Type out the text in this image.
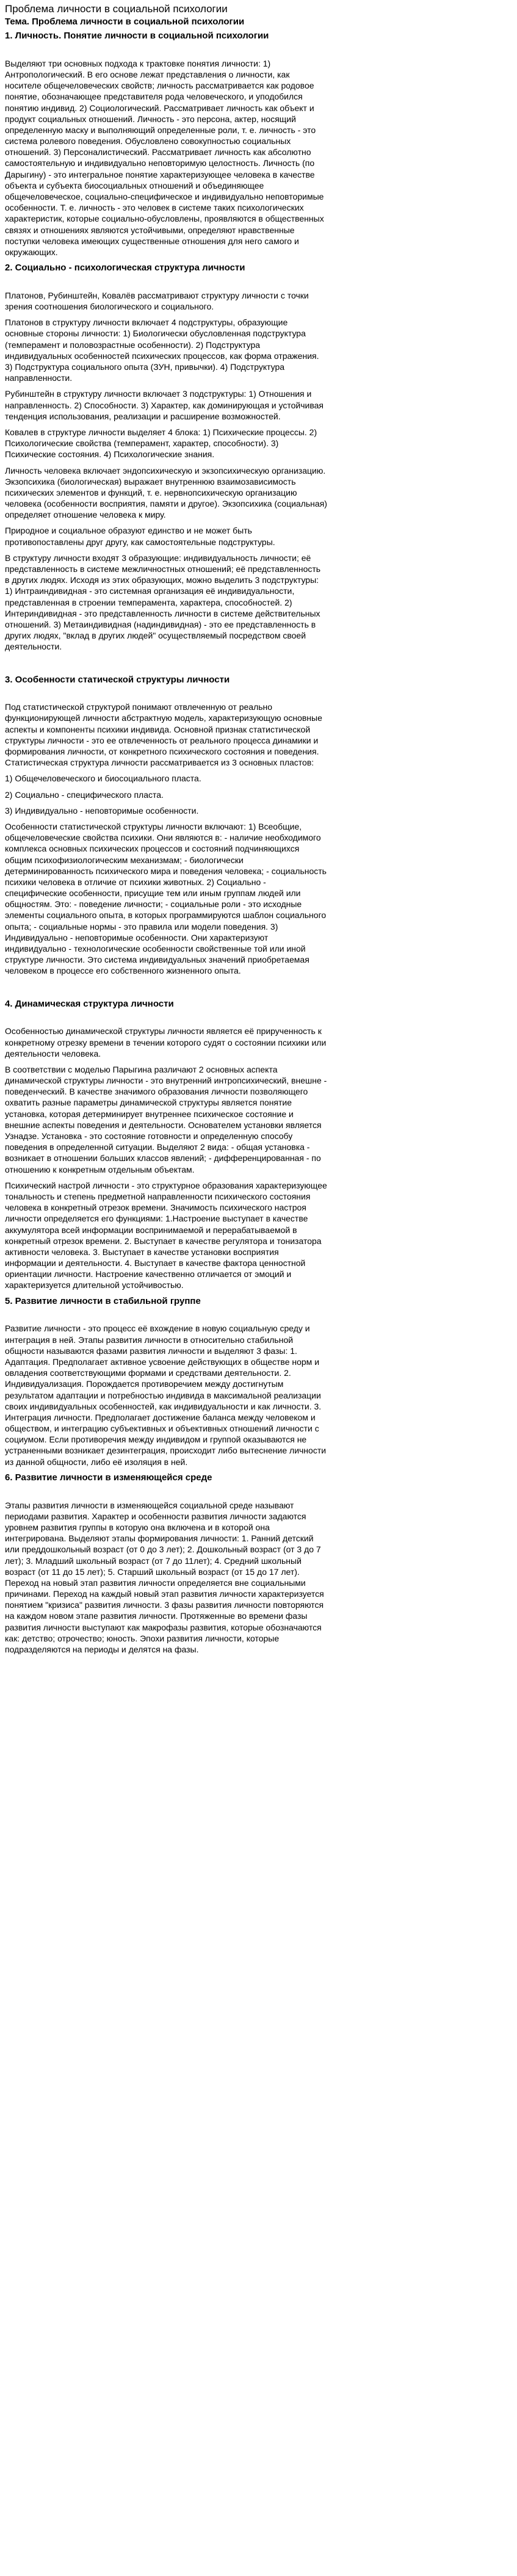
Проблема личности в социальной психологии
Тема. Проблема личности в социальной психологии
1. Личность. Понятие личности в социальной психологии

Выделяют три основных подхода к трактовке понятия личности: 1) Антропологический. В его основе лежат представления о личности, как носителе общечеловеческих свойств; личность рассматривается как родовое понятие, обозначающее представителя рода человеческого, и уподобился понятию индивид. 2) Социологический. Рассматривает личность как объект и продукт социальных отношений. Личность - это персона, актер, носящий определенную маску и выполняющий определенные роли, т. е. личность - это система ролевого поведения. Обусловлено совокупностью социальных отношений. 3) Персоналистический. Рассматривает личность как абсолютно самостоятельную и индивидуально неповторимую целостность. Личность (по Дарыгину) - это интегральное понятие характеризующее человека в качестве объекта и субъекта биосоциальных отношений и объединяющее общечеловеческое, социально-специфическое и индивидуально неповторимые особенности. Т. е. личность - это человек в системе таких психологических характеристик, которые социально-обусловлены, проявляются в общественных связях и отношениях являются устойчивыми, определяют нравственные поступки человека имеющих существенные отношения для него самого и окружающих.

2. Социально - психологическая структура личности

Платонов, Рубинштейн, Ковалёв рассматривают структуру личности с точки зрения соотношения биологического и социального.

Платонов в структуру личности включает 4 подструктуры, образующие основные стороны личности: 1) Биологически обусловленная подструктура (темперамент и половозрастные особенности). 2) Подструктура индивидуальных особенностей психических процессов, как форма отражения. 3) Подструктура социального опыта (ЗУН, привычки). 4) Подструктура направленности.

Рубинштейн в структуру личности включает 3 подструктуры: 1) Отношения и направленность. 2) Способности. 3) Характер, как доминирующая и устойчивая тенденция использования, реализации и расширение возможностей.

Ковалев в структуре личности выделяет 4 блока: 1) Психические процессы. 2) Психологические свойства (темперамент, характер, способности). 3) Психические состояния. 4) Психологические знания.

Личность человека включает эндопсихическую и экзопсихическую организацию. Экзопсихика (биологическая) выражает внутреннюю взаимозависимость психических элементов и функций, т. е. нервнопсихическую организацию человека (особенности восприятия, памяти и другое). Экзопсихика (социальная) определяет отношение человека к миру.

Природное и социальное образуют единство и не может быть противопоставлены друг другу, как самостоятельные подструктуры.

В структуру личности входят 3 образующие: индивидуальность личности; её представленность в системе межличностных отношений; её представленность в других людях. Исходя из этих образующих, можно выделить 3 подструктуры: 1) Интраиндивидная - это системная организация её индивидуальности, представленная в строении темперамента, характера, способностей. 2) Интериндивидная - это представленность личности в системе действительных отношений. 3) Метаиндивидная (надиндивидная) - это ее представленность в других людях, "вклад в других людей" осуществляемый посредством своей деятельности.

3. Особенности статической структуры личности

Под статистической структурой понимают отвлеченную от реально функционирующей личности абстрактную модель, характеризующую основные аспекты и компоненты психики индивида. Основной признак статистической структуры личности - это ее отвлеченность от реального процесса динамики и формирования личности, от конкретного психического состояния и поведения. Статистическая структура личности рассматривается из 3 основных пластов:

1) Общечеловеческого и биосоциального пласта.

2) Социально - специфического пласта.

3) Индивидуально - неповторимые особенности.

Особенности статистической структуры личности включают: 1) Всеобщие, общечеловеческие свойства психики. Они являются в: - наличие необходимого комплекса основных психических процессов и состояний подчиняющихся общим психофизиологическим механизмам; - биологически детерминированность психического мира и поведения человека; - социальность психики человека в отличие от психики животных. 2) Социально - специфические особенности, присущие тем или иным группам людей или общностям. Это: - поведение личности; - социальные роли - это исходные элементы социального опыта, в которых программируются шаблон социального опыта; - социальные нормы - это правила или модели поведения. 3) Индивидуально - неповторимые особенности. Они характеризуют индивидуально - технологические особенности свойственные той или иной структуре личности. Это система индивидуальных значений приобретаемая человеком в процессе его собственного жизненного опыта.

4. Динамическая структура личности

Особенностью динамической структуры личности является её прирученность к конкретному отрезку времени в течении которого судят о состоянии психики или деятельности человека.

В соответствии с моделью Парыгина различают 2 основных аспекта динамической структуры личности - это внутренний интропсихический, внешне - поведенческий. В качестве значимого образования личности позволяющего охватить разные параметры динамической структуры является понятие установка, которая детерминирует внутреннее психическое состояние и внешние аспекты поведения и деятельности. Основателем установки является Узнадзе. Установка - это состояние готовности и определенную способу поведения в определенной ситуации. Выделяют 2 вида: - общая установка - возникает в отношении больших классов явлений; - дифференцированная - по отношению к конкретным отдельным объектам.

Психический настрой личности - это структурное образования характеризующее тональность и степень предметной направленности психического состояния человека в конкретный отрезок времени. Значимость психического настроя личности определяется его функциями: 1.Настроение выступает в качестве аккумулятора всей информации воспринимаемой и перерабатываемой в конкретный отрезок времени. 2. Выступает в качестве регулятора и тонизатора активности человека. 3. Выступает в качестве установки восприятия информации и деятельности. 4. Выступает в качестве фактора ценностной ориентации личности. Настроение качественно отличается от эмоций и характеризуется длительной устойчивостью.

5. Развитие личности в стабильной группе

Развитие личности - это процесс её вхождение в новую социальную среду и интеграция в ней. Этапы развития личности в относительно стабильной общности называются фазами развития личности и выделяют 3 фазы: 1. Адаптация. Предполагает активное усвоение действующих в обществе норм и овладения соответствующими формами и средствами деятельности. 2. Индивидуализация. Порождается противоречием между достигнутым результатом адаптации и потребностью индивида в максимальной реализации своих индивидуальных особенностей, как индивидуальности и как личности. 3. Интеграция личности. Предполагает достижение баланса между человеком и обществом, и интеграцию субъективных и объективных отношений личности с социумом. Если противоречия между индивидом и группой оказываются не устраненными возникает дезинтеграция, происходит либо вытеснение личности из данной общности, либо её изоляция в ней.

6. Развитие личности в изменяющейся среде

Этапы развития личности в изменяющейся социальной среде называют периодами развития. Характер и особенности развития личности задаются уровнем развития группы в которую она включена и в которой она интегрирована. Выделяют этапы формирования личности: 1. Ранний детский или преддошкольный возраст (от 0 до 3 лет); 2. Дошкольный возраст (от 3 до 7 лет); 3. Младший школьный возраст (от 7 до 11лет); 4. Средний школьный возраст (от 11 до 15 лет); 5. Старший школьный возраст (от 15 до 17 лет). Переход на новый этап развития личности определяется вне социальными причинами. Переход на каждый новый этап развития личности характеризуется понятием "кризиса" развития личности. 3 фазы развития личности повторяются на каждом новом этапе развития личности. Протяженные во времени фазы развития личности выступают как макрофазы развития, которые обозначаются как: детство; отрочество; юность. Эпохи развития личности, которые подразделяются на периоды и делятся на фазы.
